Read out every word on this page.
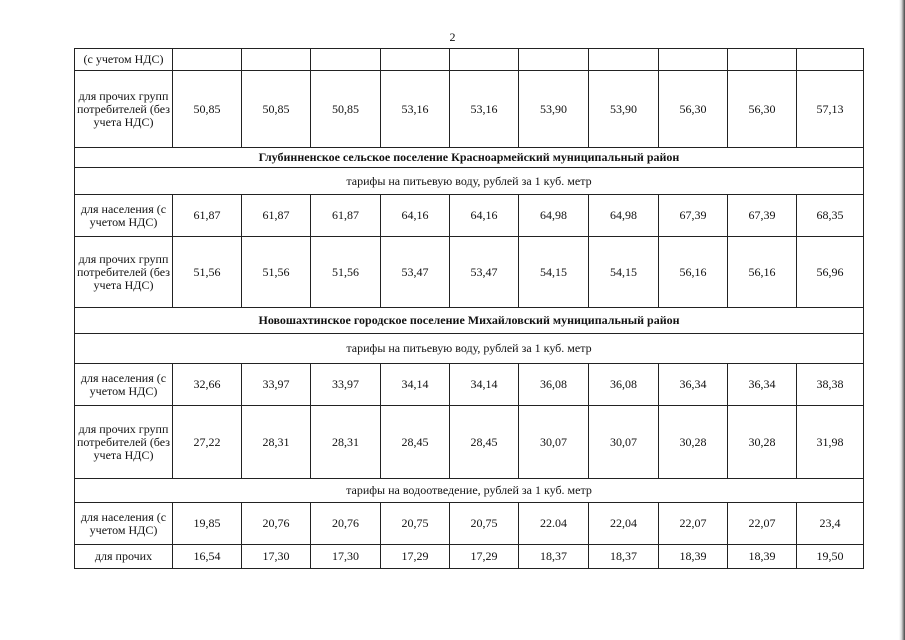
2
(с учетом НДС)										
для прочих групп потребителей (без учета НДС)	50,85	50,85	50,85	53,16	53,16	53,90	53,90	56,30	56,30	57,13
Глубинненское сельское поселение Красноармейский муниципальный район										
тарифы на питьевую воду, рублей за 1 куб. метр										
для населения (с учетом НДС)	61,87	61,87	61,87	64,16	64,16	64,98	64,98	67,39	67,39	68,35
для прочих групп потребителей (без учета НДС)	51,56	51,56	51,56	53,47	53,47	54,15	54,15	56,16	56,16	56,96
Новошахтинское городское поселение Михайловский муниципальный район										
тарифы на питьевую воду, рублей за 1 куб. метр										
для населения (с учетом НДС)	32,66	33,97	33,97	34,14	34,14	36,08	36,08	36,34	36,34	38,38
для прочих групп потребителей (без учета НДС)	27,22	28,31	28,31	28,45	28,45	30,07	30,07	30,28	30,28	31,98
тарифы на водоотведение, рублей за 1 куб. метр										
для населения (с учетом НДС)	19,85	20,76	20,76	20,75	20,75	22.04	22,04	22,07	22,07	23,4
для прочих	16,54	17,30	17,30	17,29	17,29	18,37	18,37	18,39	18,39	19,50
